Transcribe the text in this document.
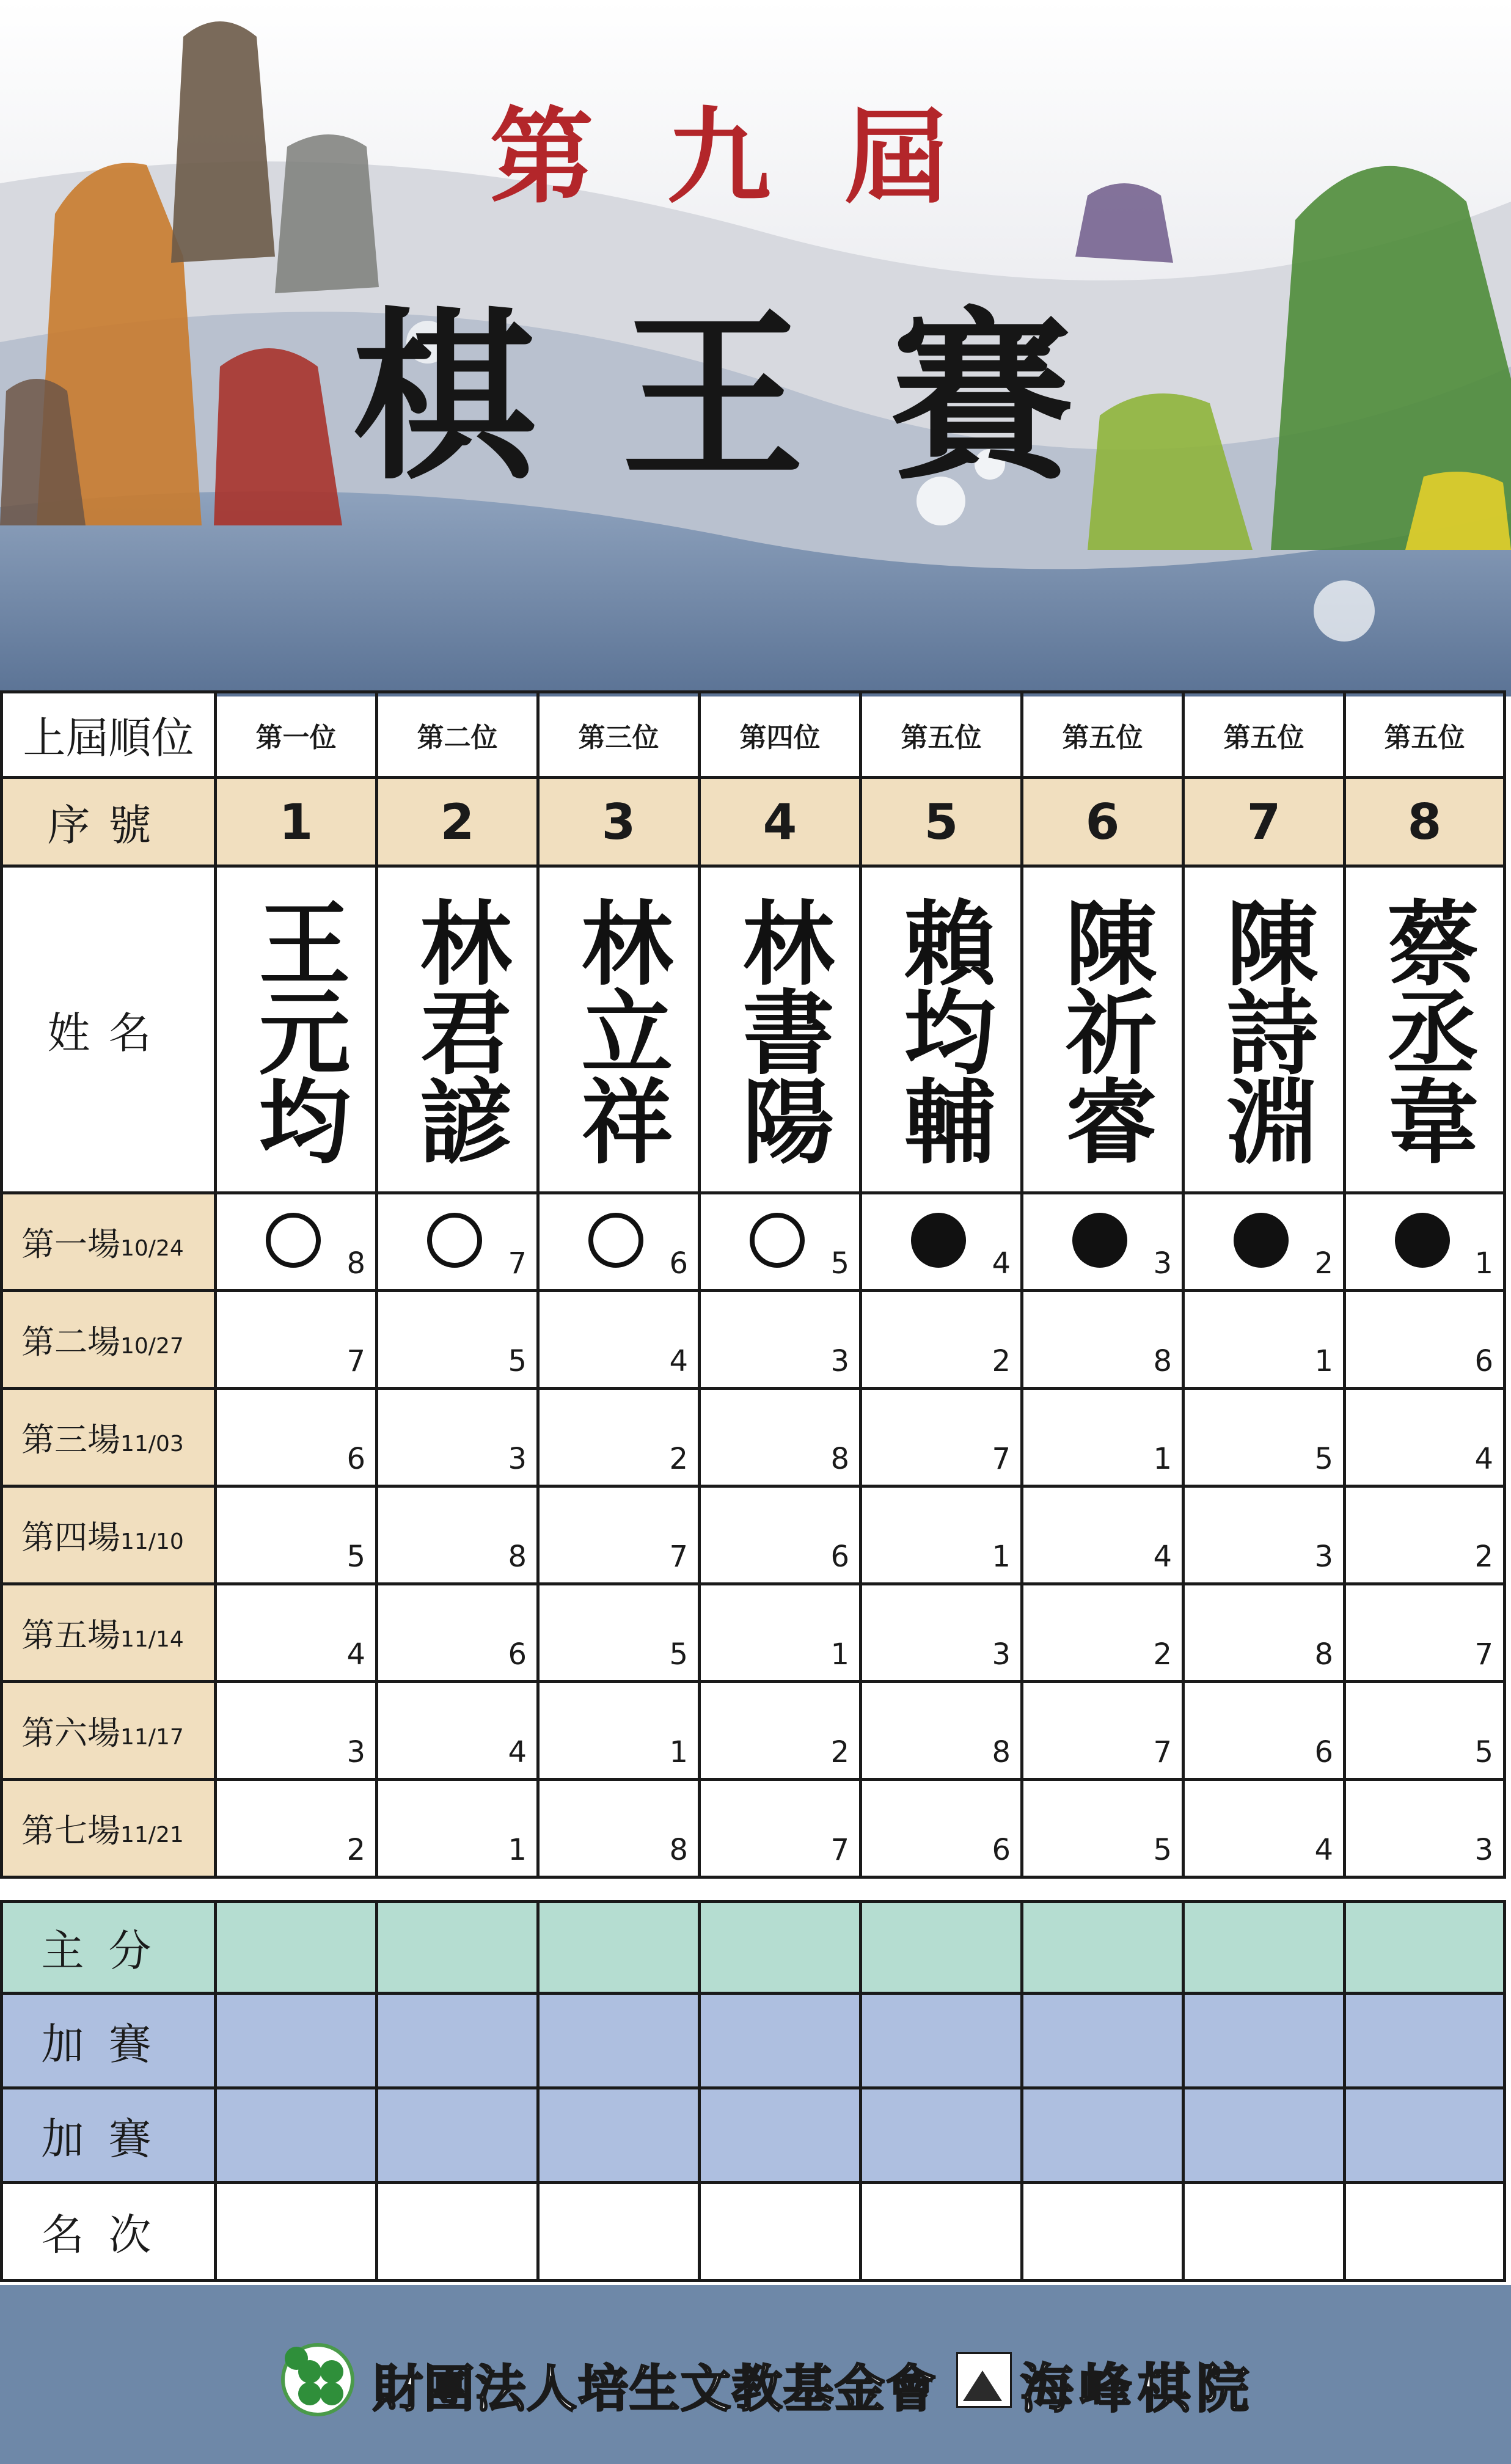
第九屆
棋王賽
上屆順位	第一位	第二位	第三位	第四位	第五位	第五位	第五位	第五位
序號	1	2	3	4	5	6	7	8
姓名	王元均	林君諺	林立祥	林書陽	賴均輔	陳祈睿	陳詩淵	蔡丞韋

第一場10/24	8	7	6	5	4	3	2	1

第二場10/27	7	5	4	3	2	8	1	6

第三場11/03	6	3	2	8	7	1	5	4

第四場11/10	5	8	7	6	1	4	3	2

第五場11/14	4	6	5	1	3	2	8	7

第六場11/17	3	4	1	2	8	7	6	5

第七場11/21	2	1	8	7	6	5	4	3
主分								
加賽								
加賽								
名次								
財團法人培生文教基金會 海峰棋院
